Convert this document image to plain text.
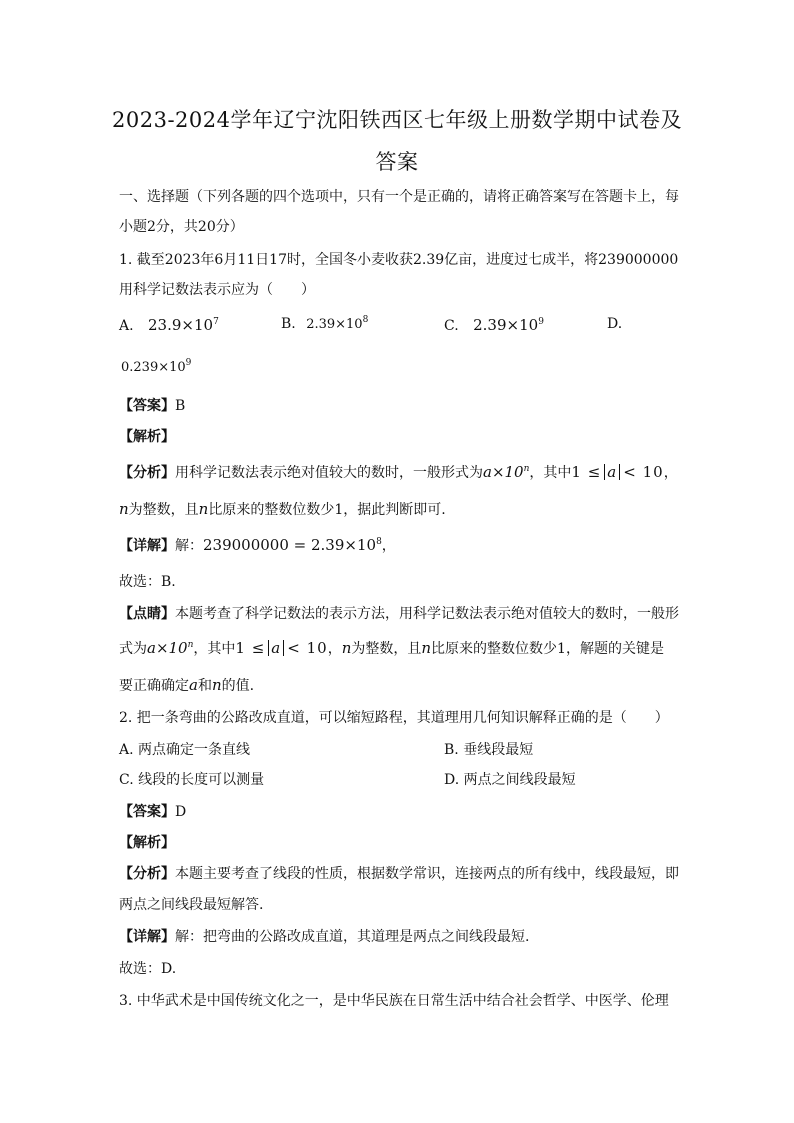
2023-2024学年辽宁沈阳铁西区七年级上册数学期中试卷及
答案
一、选择题（下列各题的四个选项中，只有一个是正确的，请将正确答案写在答题卡上，每
小题2分，共20分）
1. 截至2023年6月11日17时，全国冬小麦收获2.39亿亩，进度过七成半，将239000000
用科学记数法表示应为（　　）
A. $23.9\times 10^7$	B. $2.39\times 10^8$	C. $2.39\times 10^9$	D.
$0.239\times 10^9$
【答案】B
【解析】
【分析】用科学记数法表示绝对值较大的数时，一般形式为$a\times 10^n$，其中1 ≤ a < 10，
n为整数，且n比原来的整数位数少1，据此判断即可.
【详解】解：$239000000 = 2.39\times 10^8$，
故选：B.
【点睛】本题考查了科学记数法的表示方法，用科学记数法表示绝对值较大的数时，一般形
式为$a\times 10^n$，其中1 ≤ a < 10，n为整数，且n比原来的整数位数少1，解题的关键是
要正确确定a和n的值.
2. 把一条弯曲的公路改成直道，可以缩短路程，其道理用几何知识解释正确的是（　　）
A. 两点确定一条直线	B. 垂线段最短
C. 线段的长度可以测量	D. 两点之间线段最短
【答案】D
【解析】
【分析】本题主要考查了线段的性质，根据数学常识，连接两点的所有线中，线段最短，即
两点之间线段最短解答.
【详解】解：把弯曲的公路改成直道，其道理是两点之间线段最短.
故选：D.
3. 中华武术是中国传统文化之一，是中华民族在日常生活中结合社会哲学、中医学、伦理
